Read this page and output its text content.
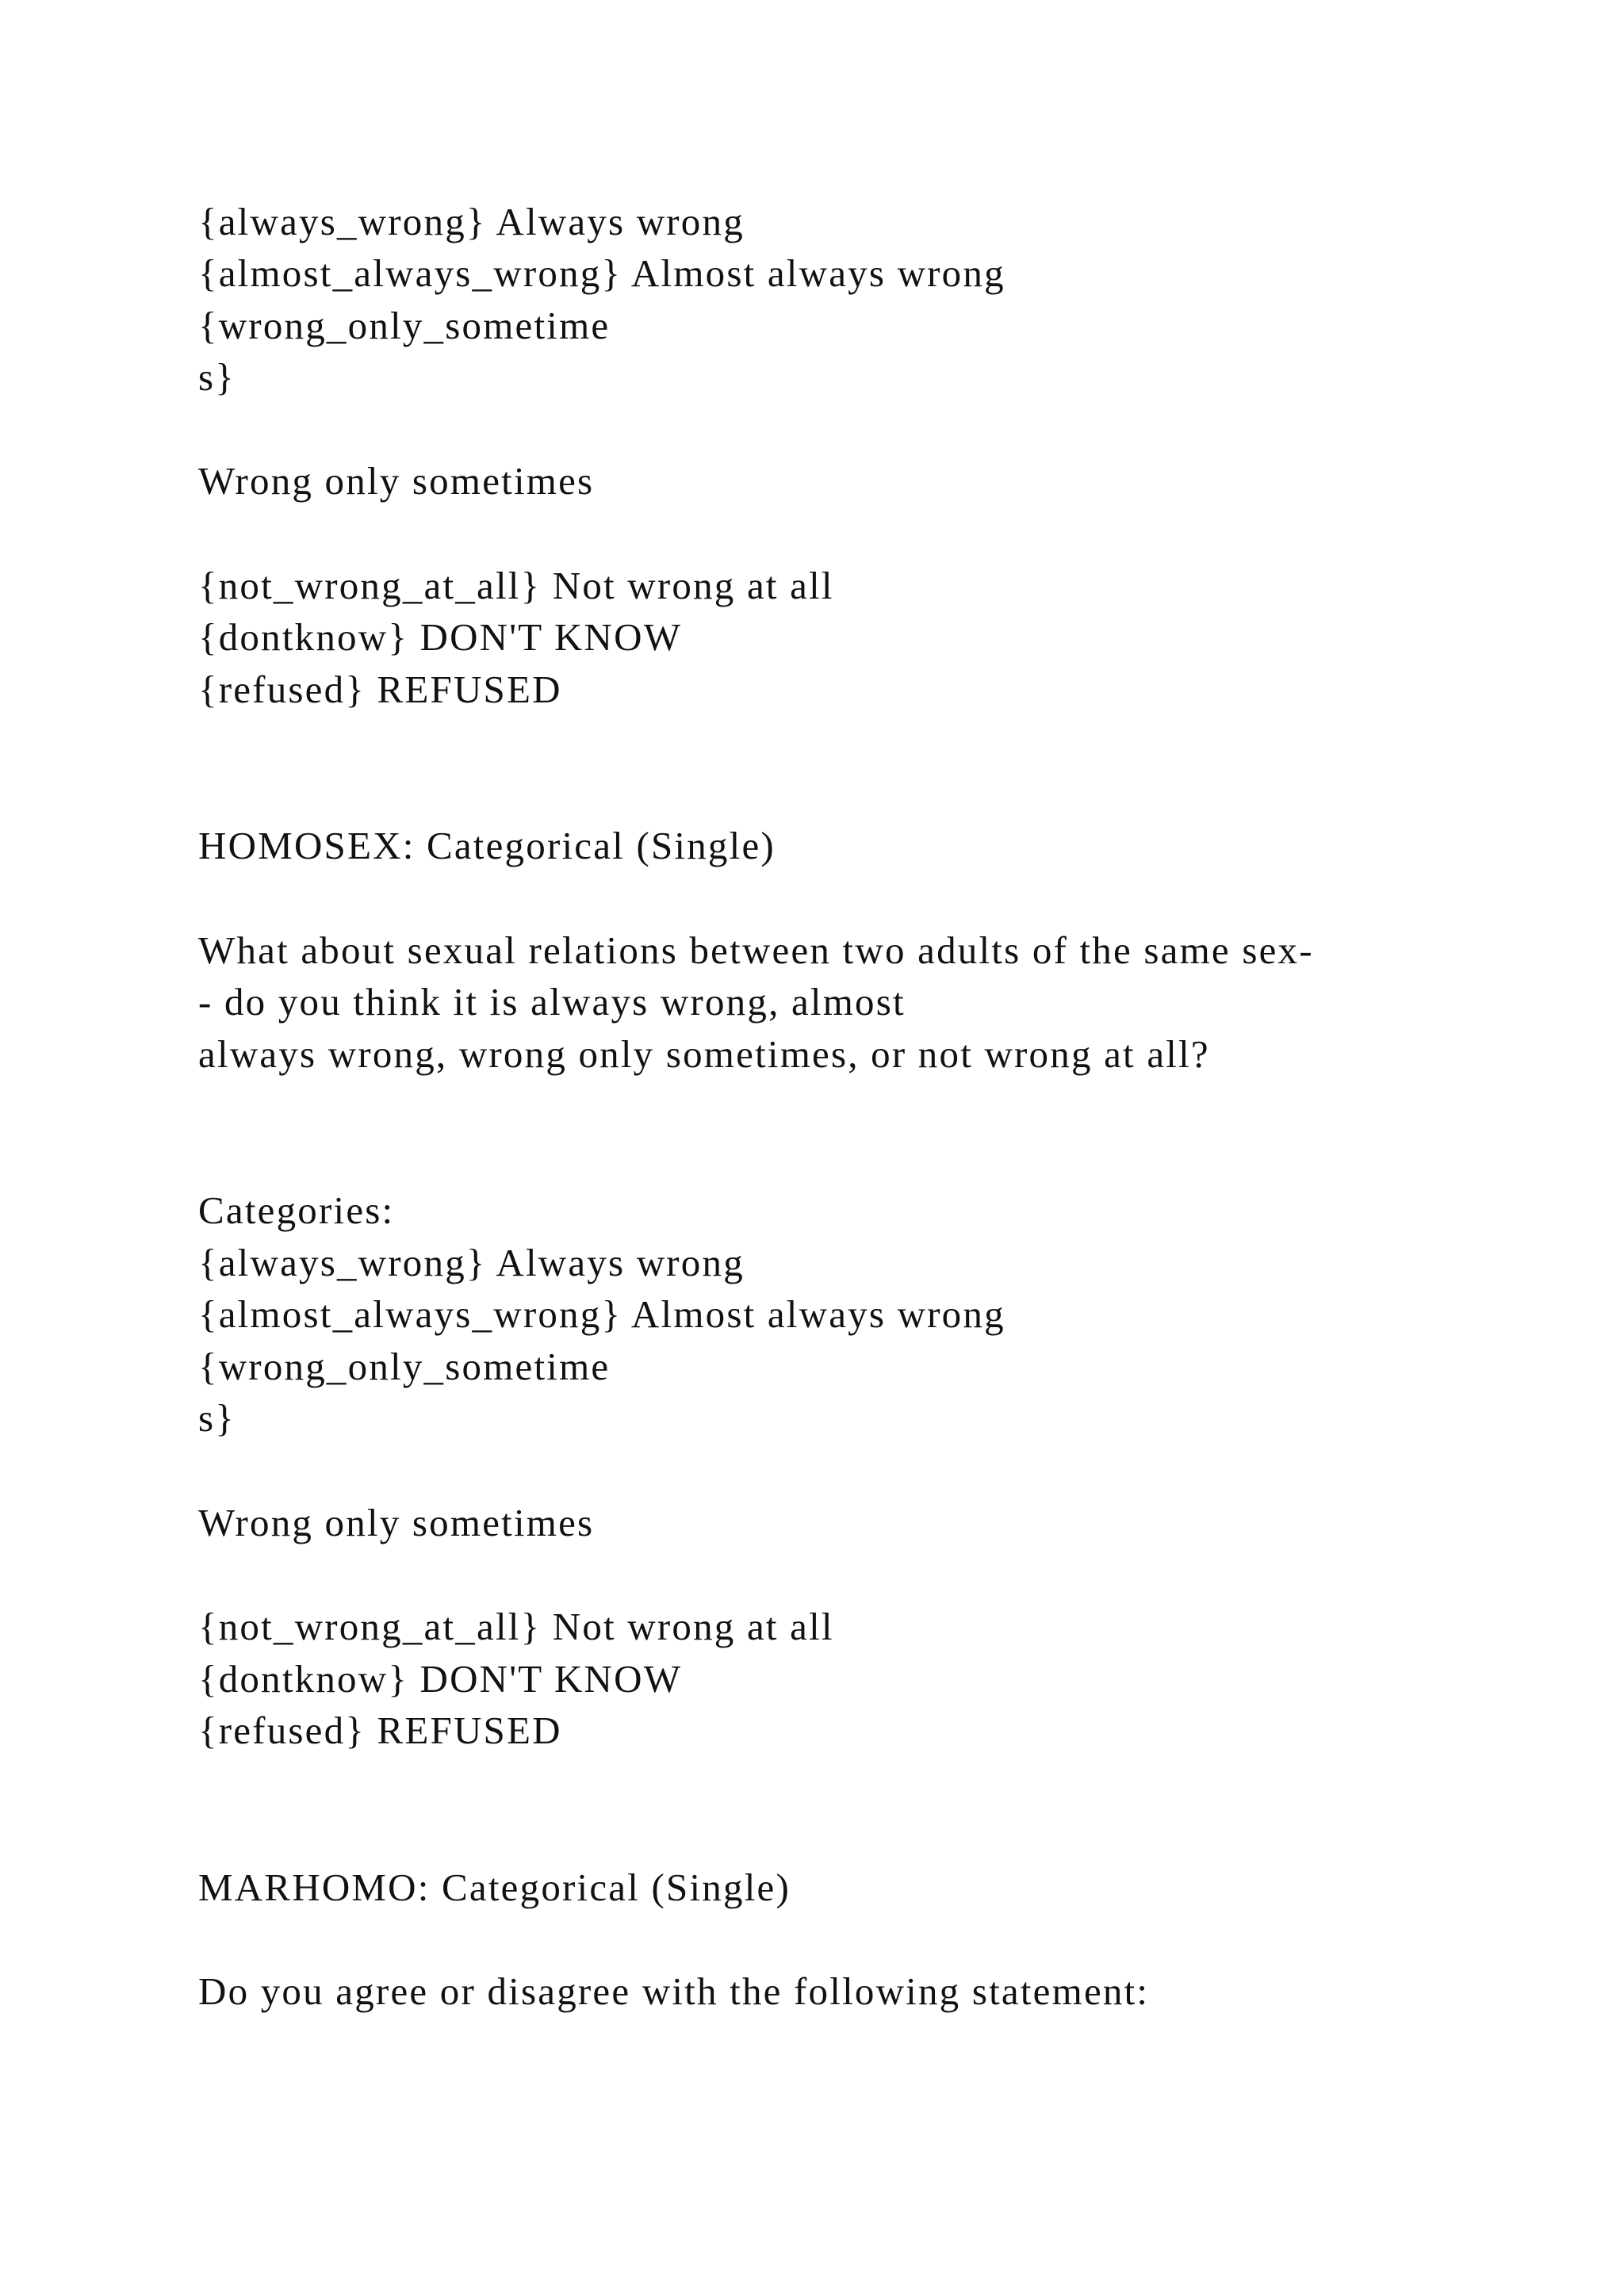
{always_wrong} Always wrong
{almost_always_wrong} Almost always wrong
{wrong_only_sometime
s}
Wrong only sometimes
{not_wrong_at_all} Not wrong at all
{dontknow} DON'T KNOW
{refused} REFUSED
HOMOSEX: Categorical (Single)
What about sexual relations between two adults of the same sex-
- do you think it is always wrong, almost
always wrong, wrong only sometimes, or not wrong at all?
Categories:
{always_wrong} Always wrong
{almost_always_wrong} Almost always wrong
{wrong_only_sometime
s}
Wrong only sometimes
{not_wrong_at_all} Not wrong at all
{dontknow} DON'T KNOW
{refused} REFUSED
MARHOMO: Categorical (Single)
Do you agree or disagree with the following statement:
